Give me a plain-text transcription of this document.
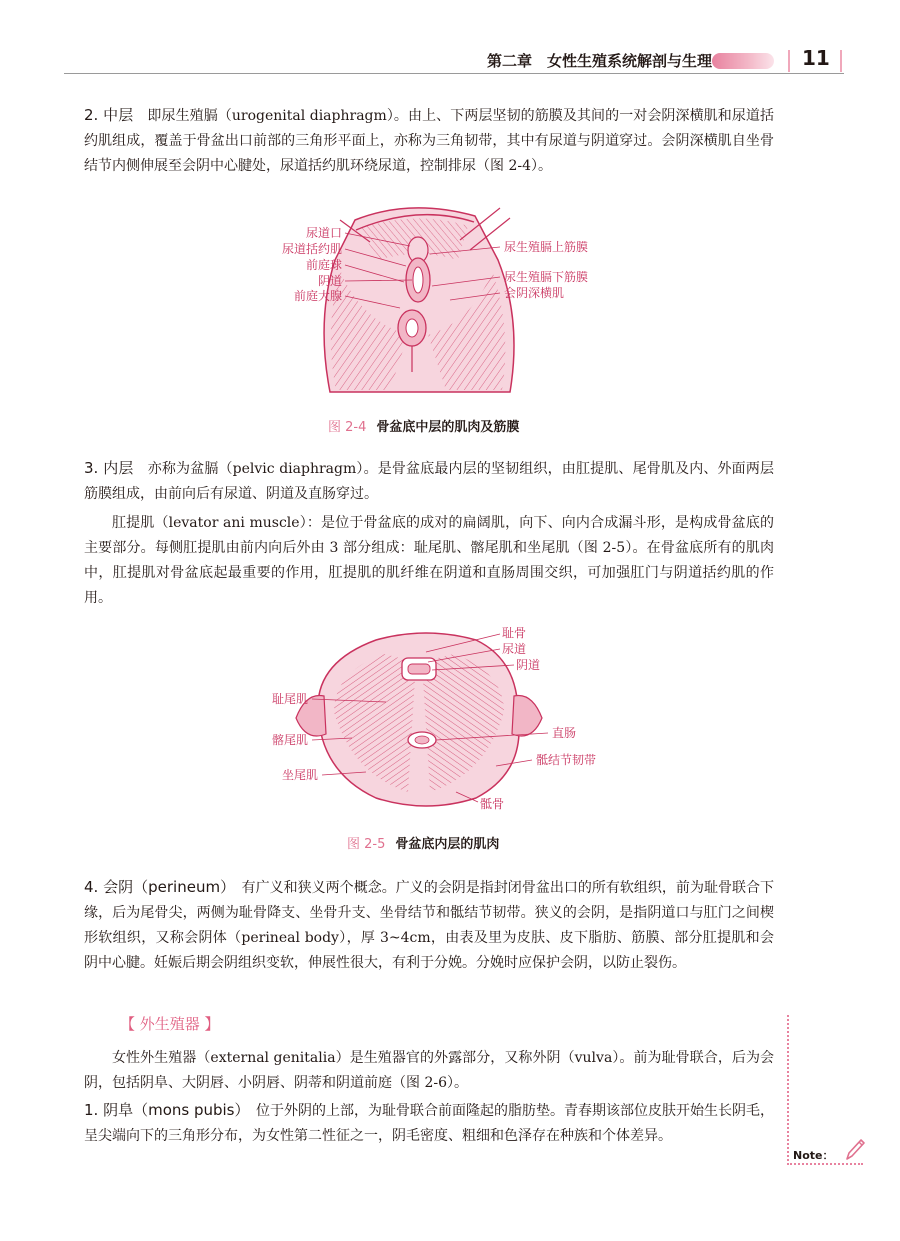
第二章　女性生殖系统解剖与生理	11

2. 中层　即尿生殖膈（urogenital diaphragm）。由上、下两层坚韧的筋膜及其间的一对会阴深横肌和尿道括约肌组成，覆盖于骨盆出口前部的三角形平面上，亦称为三角韧带，其中有尿道与阴道穿过。会阴深横肌自坐骨结节内侧伸展至会阴中心腱处，尿道括约肌环绕尿道，控制排尿（图 2-4）。

尿道口
尿道括约肌
前庭球
阴道
前庭大腺
尿生殖膈上筋膜
尿生殖膈下筋膜
会阴深横肌
图 2-4 骨盆底中层的肌肉及筋膜

3. 内层　亦称为盆膈（pelvic diaphragm）。是骨盆底最内层的坚韧组织，由肛提肌、尾骨肌及内、外面两层筋膜组成，由前向后有尿道、阴道及直肠穿过。

肛提肌（levator ani muscle）：是位于骨盆底的成对的扁阔肌，向下、向内合成漏斗形，是构成骨盆底的主要部分。每侧肛提肌由前内向后外由 3 部分组成：耻尾肌、髂尾肌和坐尾肌（图 2-5）。在骨盆底所有的肌肉中，肛提肌对骨盆底起最重要的作用，肛提肌的肌纤维在阴道和直肠周围交织，可加强肛门与阴道括约肌的作用。

耻骨
尿道
阴道
直肠
骶结节韧带
骶骨
耻尾肌
髂尾肌
坐尾肌
图 2-5 骨盆底内层的肌肉

4. 会阴（perineum）　有广义和狭义两个概念。广义的会阴是指封闭骨盆出口的所有软组织，前为耻骨联合下缘，后为尾骨尖，两侧为耻骨降支、坐骨升支、坐骨结节和骶结节韧带。狭义的会阴，是指阴道口与肛门之间楔形软组织，又称会阴体（perineal body），厚 3~4cm，由表及里为皮肤、皮下脂肪、筋膜、部分肛提肌和会阴中心腱。妊娠后期会阴组织变软，伸展性很大，有利于分娩。分娩时应保护会阴，以防止裂伤。

【 外生殖器 】

女性外生殖器（external genitalia）是生殖器官的外露部分，又称外阴（vulva）。前为耻骨联合，后为会阴，包括阴阜、大阴唇、小阴唇、阴蒂和阴道前庭（图 2-6）。

1. 阴阜（mons pubis）　位于外阴的上部，为耻骨联合前面隆起的脂肪垫。青春期该部位皮肤开始生长阴毛，呈尖端向下的三角形分布，为女性第二性征之一，阴毛密度、粗细和色泽存在种族和个体差异。

Note：
